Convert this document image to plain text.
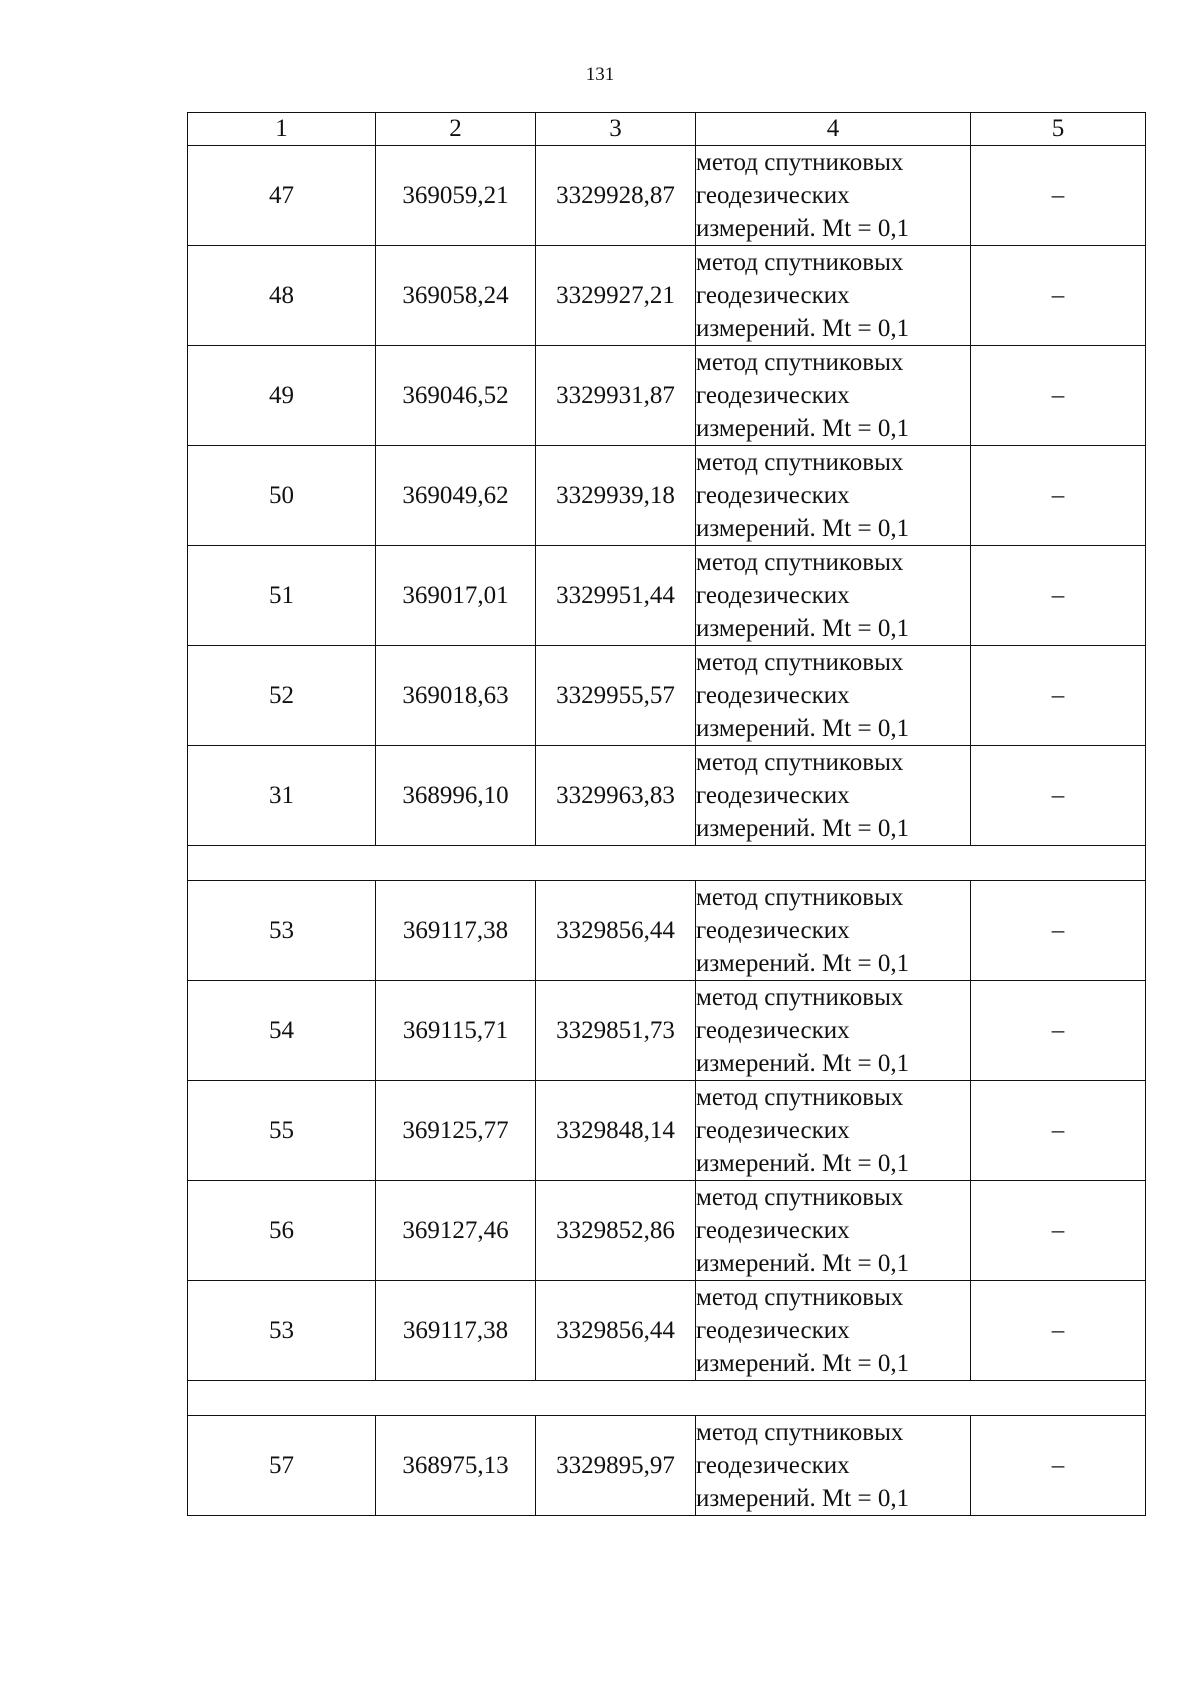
131
1	2	3	4	5
47	369059,21	3329928,87	метод спутниковых
геодезических
измерений. Mt = 0,1	–
48	369058,24	3329927,21	метод спутниковых
геодезических
измерений. Mt = 0,1	–
49	369046,52	3329931,87	метод спутниковых
геодезических
измерений. Mt = 0,1	–
50	369049,62	3329939,18	метод спутниковых
геодезических
измерений. Mt = 0,1	–
51	369017,01	3329951,44	метод спутниковых
геодезических
измерений. Mt = 0,1	–
52	369018,63	3329955,57	метод спутниковых
геодезических
измерений. Mt = 0,1	–
31	368996,10	3329963,83	метод спутниковых
геодезических
измерений. Mt = 0,1	–

53	369117,38	3329856,44	метод спутниковых
геодезических
измерений. Mt = 0,1	–
54	369115,71	3329851,73	метод спутниковых
геодезических
измерений. Mt = 0,1	–
55	369125,77	3329848,14	метод спутниковых
геодезических
измерений. Mt = 0,1	–
56	369127,46	3329852,86	метод спутниковых
геодезических
измерений. Mt = 0,1	–
53	369117,38	3329856,44	метод спутниковых
геодезических
измерений. Mt = 0,1	–

57	368975,13	3329895,97	метод спутниковых
геодезических
измерений. Mt = 0,1	–
